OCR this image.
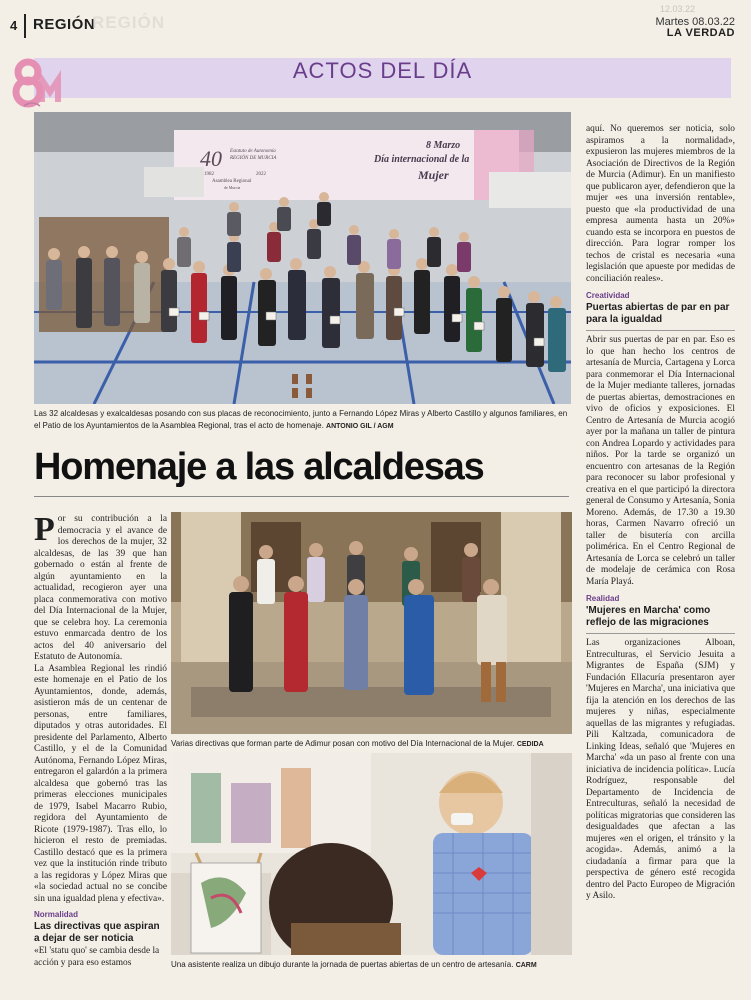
4 REGIÓN
REGIÓN
12.03.22
Martes 08.03.22
LA VERDAD
ACTOS DEL DÍA
40 Estatuto de Autonomía
REGIÓN DE MURCIA
1982	2022
Asamblea Regional
de Murcia
8 Marzo
Día internacional de la
Mujer
Las 32 alcaldesas y exalcaldesas posando con sus placas de reconocimiento, junto a Fernando López Miras y Alberto Castillo y algunos familiares, en el Patio de los Ayuntamientos de la Asamblea Regional, tras el acto de homenaje. ANTONIO GIL / AGM
Homenaje a las alcaldesas
P or su contribución a la democracia y el avance de los derechos de la mujer, 32 alcaldesas, de las 39 que han gobernado o están al frente de algún ayuntamiento en la actualidad, recogieron ayer una placa conmemorativa con motivo del Día Internacional de la Mujer, que se celebra hoy. La ceremonia estuvo enmarcada dentro de los actos del 40 aniversario del Estatuto de Autonomía.

La Asamblea Regional les rindió este homenaje en el Patio de los Ayuntamientos, donde, además, asistieron más de un centenar de personas, entre familiares, diputados y otras autoridades. El presidente del Parlamento, Alberto Castillo, y el de la Comunidad Autónoma, Fernando López Miras, entregaron el galardón a la primera alcaldesa que gobernó tras las primeras elecciones municipales de 1979, Isabel Macarro Rubio, regidora del Ayuntamiento de Ricote (1979-1987). Tras ello, lo hicieron el resto de premiadas. Castillo destacó que es la primera vez que la institución rinde tributo a las regidoras y López Miras que «la sociedad actual no se concibe sin una igualdad plena y efectiva».

Normalidad
Las directivas que aspiran a dejar de ser noticia
«El 'statu quo' se cambia desde la acción y para eso estamos
Varias directivas que forman parte de Adimur posan con motivo del Día Internacional de la Mujer. CEDIDA
Una asistente realiza un dibujo durante la jornada de puertas abiertas de un centro de artesanía. CARM

aquí. No queremos ser noticia, solo aspiramos a la normalidad», expusieron las mujeres miembros de la Asociación de Directivos de la Región de Murcia (Adimur). En un manifiesto que publicaron ayer, defendieron que la mujer «es una inversión rentable», puesto que «la productividad de una empresa aumenta hasta un 20%» cuando esta se incorpora en puestos de dirección. Para lograr romper los techos de cristal es necesaria «una legislación que apueste por medidas de conciliación reales».

Creatividad
Puertas abiertas de par en par para la igualdad

Abrir sus puertas de par en par. Eso es lo que han hecho los centros de artesanía de Murcia, Cartagena y Lorca para conmemorar el Día Internacional de la Mujer mediante talleres, jornadas de puertas abiertas, demostraciones en vivo de oficios y exposiciones. El Centro de Artesanía de Murcia acogió ayer por la mañana un taller de pintura con Andrea Lopardo y actividades para niños. Por la tarde se organizó un encuentro con artesanas de la Región para reconocer su labor profesional y creativa en el que participó la directora general de Consumo y Artesanía, Sonia Moreno. Además, de 17.30 a 19.30 horas, Carmen Navarro ofreció un taller de bisutería con arcilla polimérica. En el Centro Regional de Artesanía de Lorca se celebró un taller de modelaje de cerámica con Rosa María Playá.

Realidad
'Mujeres en Marcha' como reflejo de las migraciones

Las organizaciones Alboan, Entreculturas, el Servicio Jesuita a Migrantes de España (SJM) y Fundación Ellacuría presentaron ayer 'Mujeres en Marcha', una iniciativa que fija la atención en los derechos de las mujeres y niñas, especialmente aquellas de las migrantes y refugiadas. Pili Kaltzada, comunicadora de Linking Ideas, señaló que 'Mujeres en Marcha' «da un paso al frente con una iniciativa de incidencia política». Lucía Rodríguez, responsable del Departamento de Incidencia de Entreculturas, señaló la necesidad de políticas migratorias que consideren las desigualdades que afectan a las mujeres «en el origen, el tránsito y la acogida». Además, animó a la ciudadanía a firmar para que la perspectiva de género esté recogida dentro del Pacto Europeo de Migración y Asilo.
